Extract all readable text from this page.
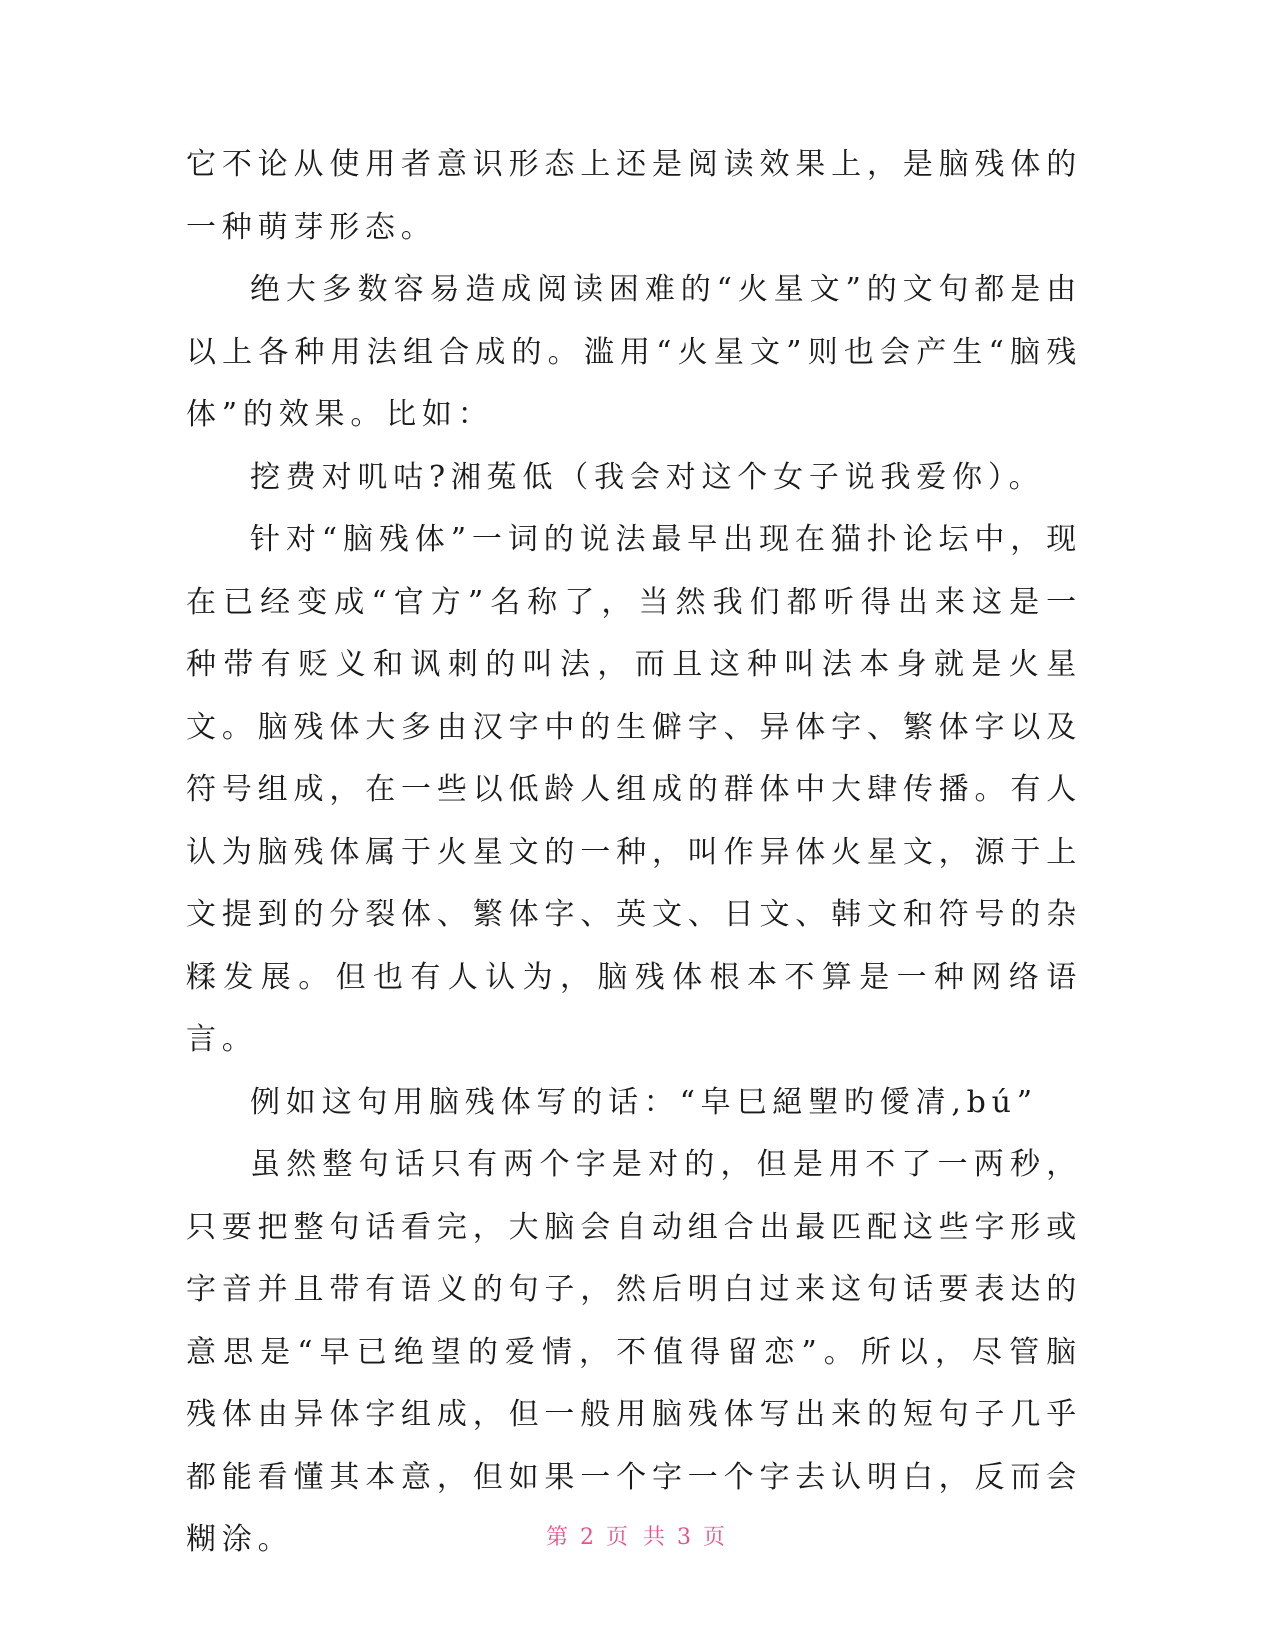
它不论从使用者意识形态上还是阅读效果上，是脑残体的一种萌芽形态。

绝大多数容易造成阅读困难的“火星文”的文句都是由以上各种用法组合成的。滥用“火星文”则也会产生“脑残体”的效果。比如：

挖费对叽咕?湘菟低（我会对这个女子说我爱你）。

针对“脑残体”一词的说法最早出现在猫扑论坛中，现在已经变成“官方”名称了，当然我们都听得出来这是一种带有贬义和讽刺的叫法，而且这种叫法本身就是火星文。脑残体大多由汉字中的生僻字、异体字、繁体字以及符号组成，在一些以低龄人组成的群体中大肆传播。有人认为脑残体属于火星文的一种，叫作异体火星文，源于上文提到的分裂体、繁体字、英文、日文、韩文和符号的杂糅发展。但也有人认为，脑残体根本不算是一种网络语言。

例如这句用脑残体写的话：“皁巳絕朢旳僾凊,bú”

虽然整句话只有两个字是对的，但是用不了一两秒，只要把整句话看完，大脑会自动组合出最匹配这些字形或字音并且带有语义的句子，然后明白过来这句话要表达的意思是“早已绝望的爱情，不值得留恋”。所以，尽管脑残体由异体字组成，但一般用脑残体写出来的短句子几乎都能看懂其本意，但如果一个字一个字去认明白，反而会糊涂。	第 2 页 共 3 页
